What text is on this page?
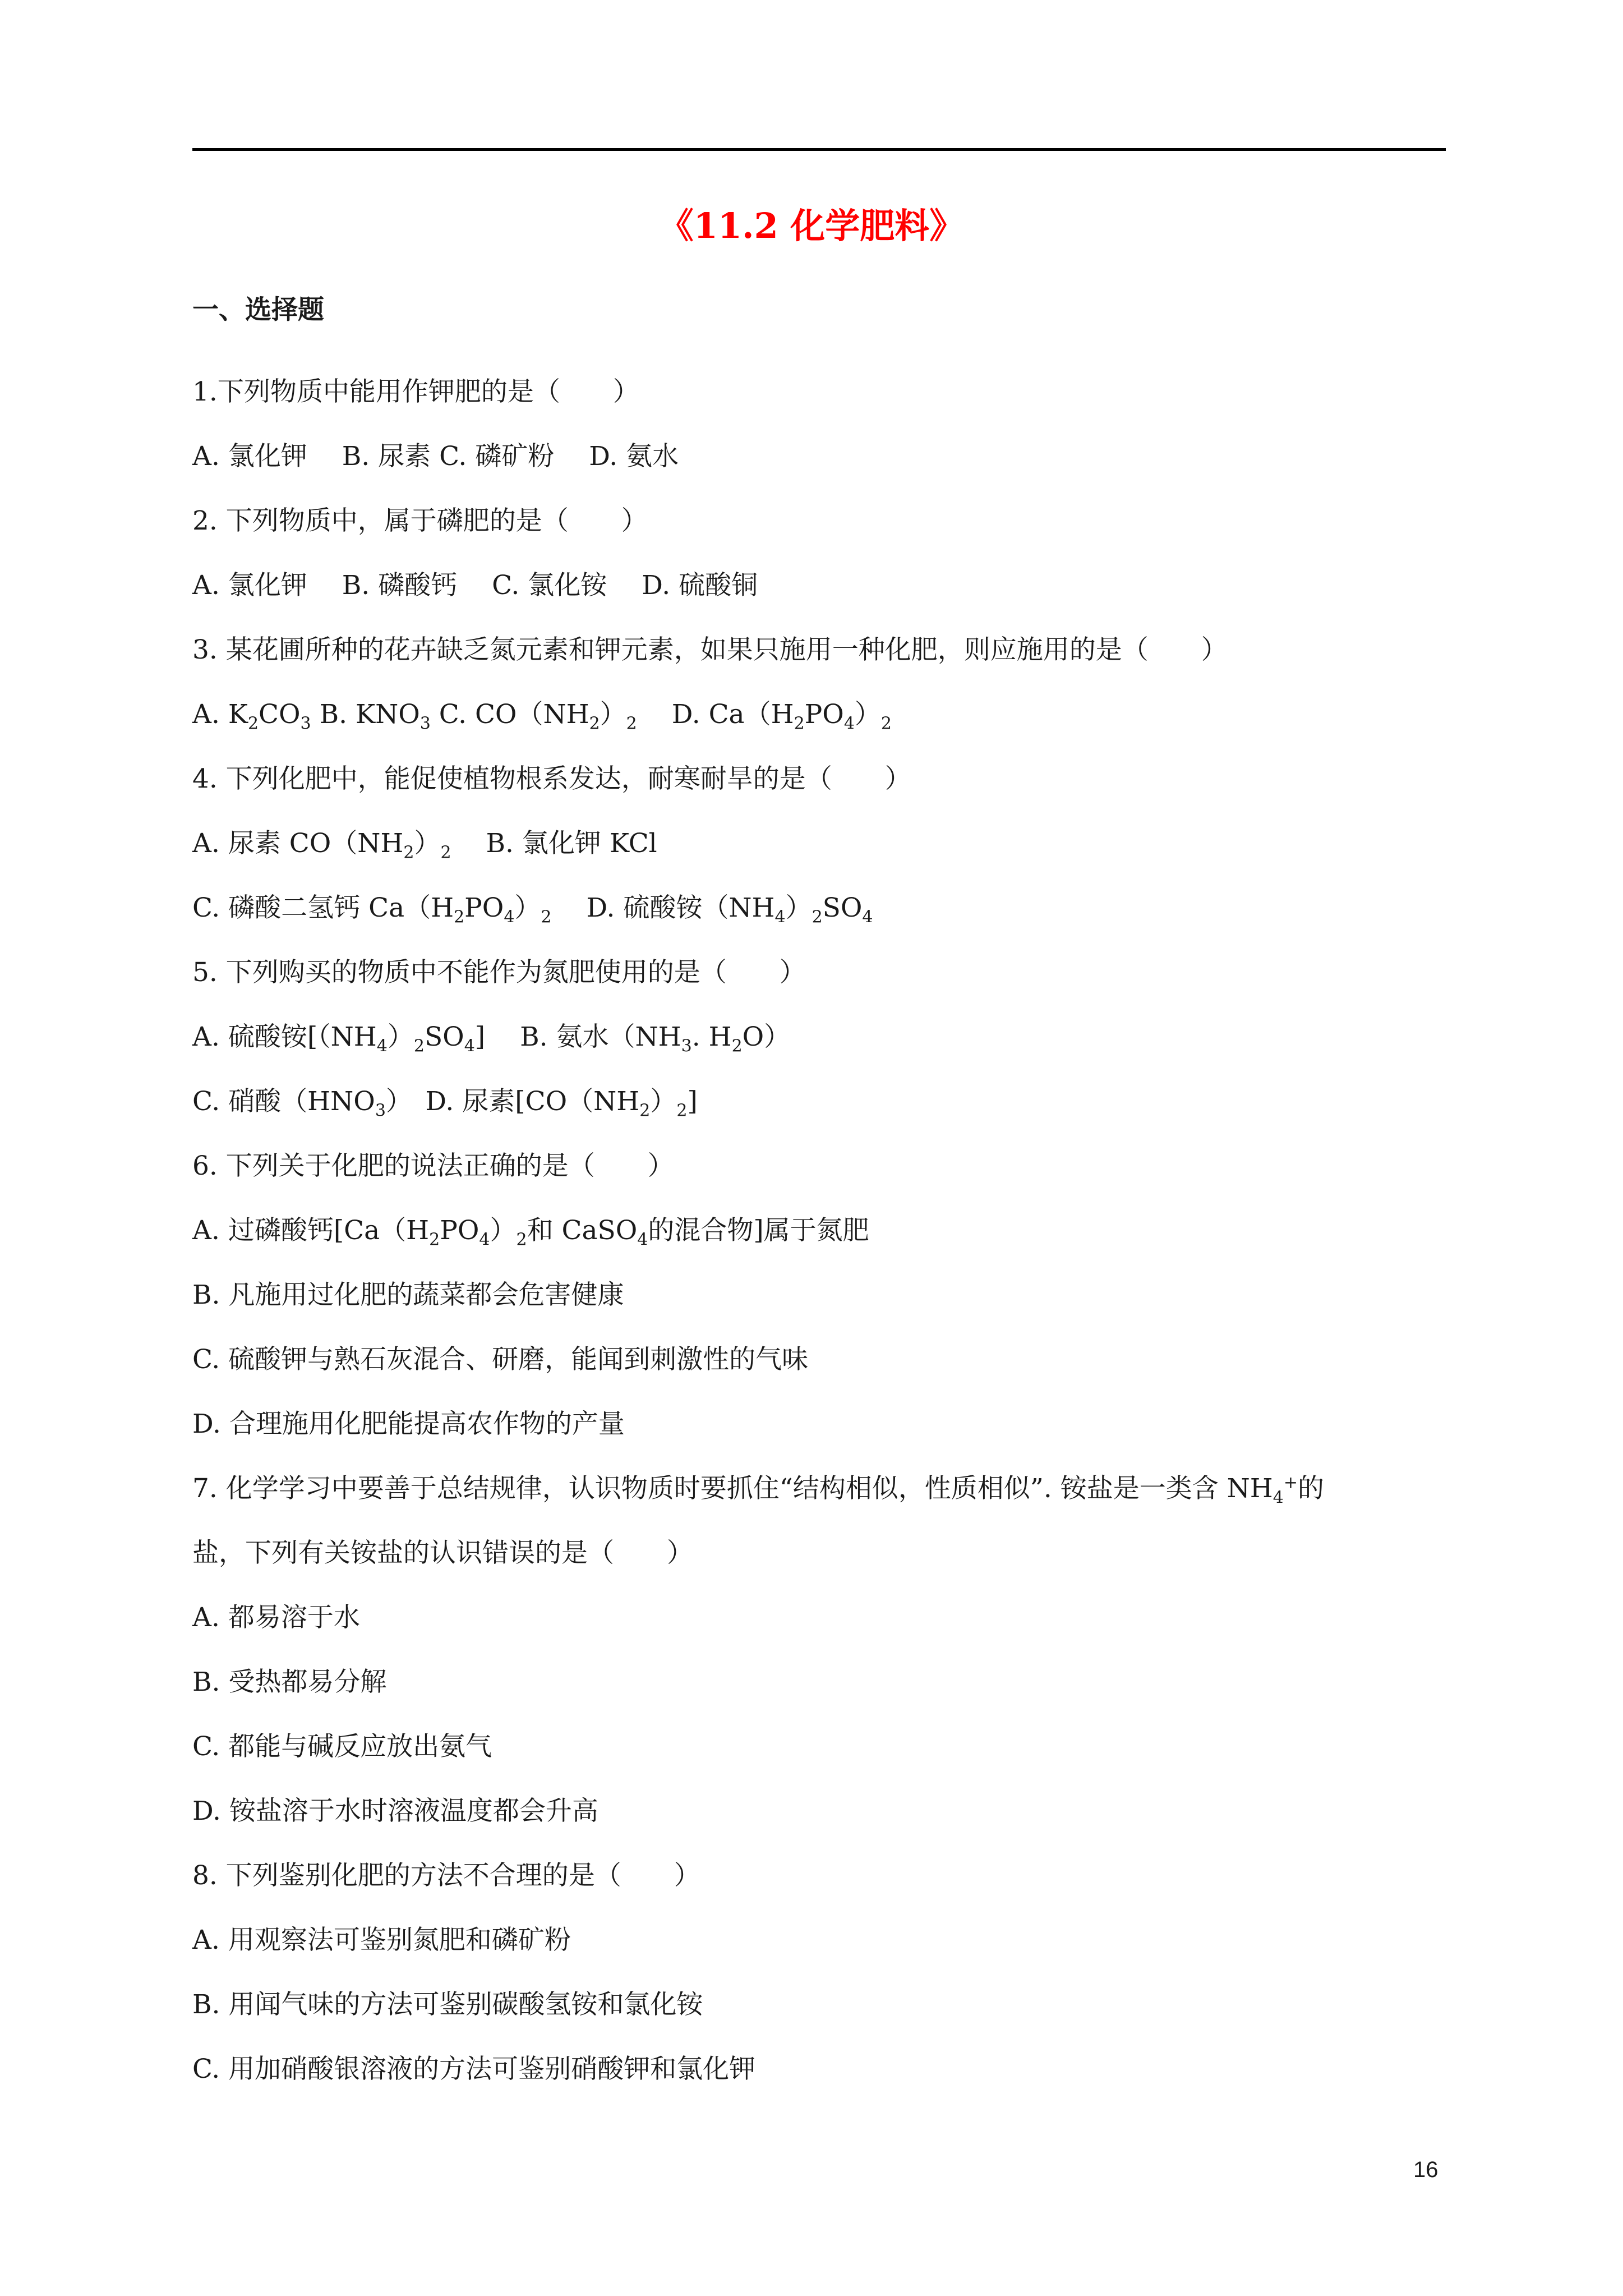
《11.2 化学肥料》
一、选择题
1.下列物质中能用作钾肥的是（　　）
A. 氯化钾　 B. 尿素 C. 磷矿粉　 D. 氨水
2. 下列物质中，属于磷肥的是（　　）
A. 氯化钾　 B. 磷酸钙　 C. 氯化铵　 D. 硫酸铜
3. 某花圃所种的花卉缺乏氮元素和钾元素，如果只施用一种化肥，则应施用的是（　　）
A. $K_2CO_3$ B. $KNO_3$ C. $CO(NH_2)_2$　 D. $Ca(H_2PO_4)_2$
4. 下列化肥中，能促使植物根系发达，耐寒耐旱的是（　　）
A. 尿素 $CO(NH_2)_2$　 B. 氯化钾 KCl
C. 磷酸二氢钙 $Ca(H_2PO_4)_2$　 D. 硫酸铵$(NH_4)_2SO_4$
5. 下列购买的物质中不能作为氮肥使用的是（　　）
A. 硫酸铵$[(NH_4)_2SO_4]$　 B. 氨水（$NH_3$. $H_2O$）
C. 硝酸$(HNO_3)$　D. 尿素$[CO(NH_2)_2]$
6. 下列关于化肥的说法正确的是（　　）
A. 过磷酸钙[$Ca(H_2PO_4)_2$和 CaSO$_4$的混合物]属于氮肥
B. 凡施用过化肥的蔬菜都会危害健康
C. 硫酸钾与熟石灰混合、研磨，能闻到刺激性的气味
D. 合理施用化肥能提高农作物的产量
7. 化学学习中要善于总结规律，认识物质时要抓住“结构相似，性质相似”. 铵盐是一类含 $NH_4^+$的
盐，下列有关铵盐的认识错误的是（　　）
A. 都易溶于水
B. 受热都易分解
C. 都能与碱反应放出氨气
D. 铵盐溶于水时溶液温度都会升高
8. 下列鉴别化肥的方法不合理的是（　　）
A. 用观察法可鉴别氮肥和磷矿粉
B. 用闻气味的方法可鉴别碳酸氢铵和氯化铵
C. 用加硝酸银溶液的方法可鉴别硝酸钾和氯化钾
16
